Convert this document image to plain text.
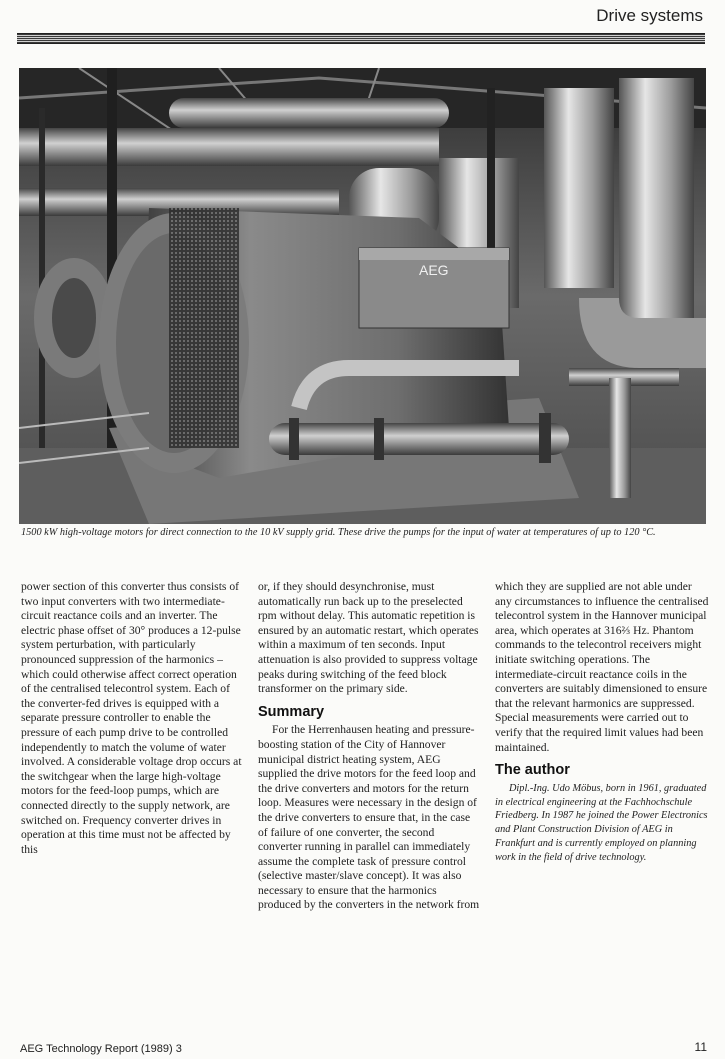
Drive systems
AEG
1500 kW high-voltage motors for direct connection to the 10 kV supply grid. These drive the pumps for the input of water at temperatures of up to 120 °C.

power section of this converter thus consists of two input converters with two intermediate-circuit reactance coils and an inverter. The electric phase offset of 30° produces a 12-pulse system perturbation, with particularly pronounced suppression of the harmonics – which could otherwise affect correct operation of the centralised telecontrol system. Each of the converter-fed drives is equipped with a separate pressure controller to enable the pressure of each pump drive to be controlled independently to match the volume of water involved. A considerable voltage drop occurs at the switchgear when the large high-voltage motors for the feed-loop pumps, which are connected directly to the supply network, are switched on. Frequency converter drives in operation at this time must not be affected by this

or, if they should desynchronise, must automatically run back up to the preselected rpm without delay. This automatic repetition is ensured by an automatic restart, which operates within a maximum of ten seconds. Input attenuation is also provided to suppress voltage peaks during switching of the feed block transformer on the primary side.

Summary

For the Herrenhausen heating and pressure-boosting station of the City of Hannover municipal district heating system, AEG supplied the drive motors for the feed loop and the drive converters and motors for the return loop. Measures were necessary in the design of the drive converters to ensure that, in the case of failure of one converter, the second converter running in parallel can immediately assume the complete task of pressure control (selective master/slave concept). It was also necessary to ensure that the harmonics produced by the converters in the network from

which they are supplied are not able under any circumstances to influence the centralised telecontrol system in the Hannover municipal area, which operates at 316⅔ Hz. Phantom commands to the telecontrol receivers might initiate switching operations. The intermediate-circuit reactance coils in the converters are suitably dimensioned to ensure that the relevant harmonics are suppressed. Special measurements were carried out to verify that the required limit values had been maintained.

The author

Dipl.-Ing. Udo Möbus, born in 1961, graduated in electrical engineering at the Fachhochschule Friedberg. In 1987 he joined the Power Electronics and Plant Construction Division of AEG in Frankfurt and is currently employed on planning work in the field of drive technology.

AEG Technology Report (1989) 3	11
